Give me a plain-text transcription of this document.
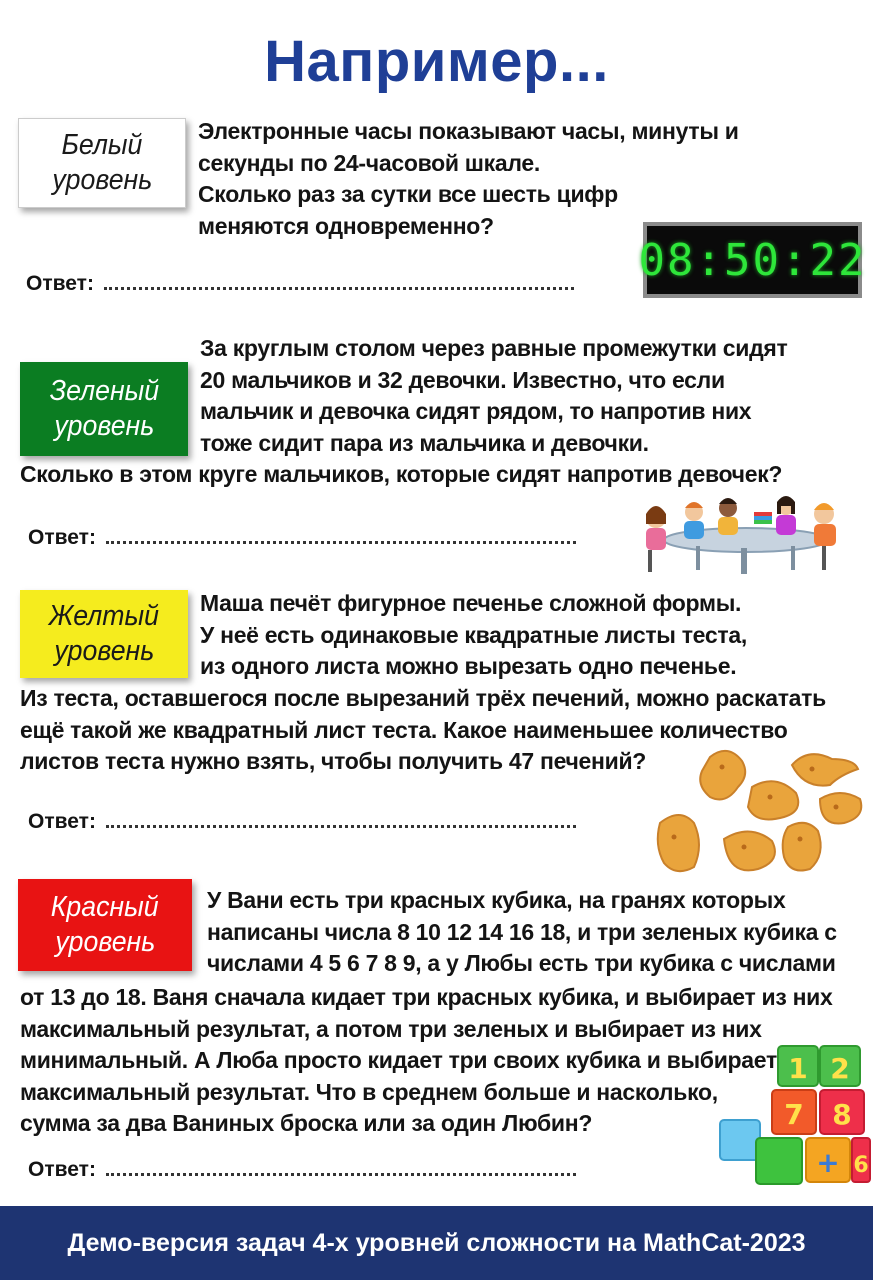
Например...
Белый
уровень
Электронные часы показывают часы, минуты и
секунды по 24-часовой шкале.
Сколько раз за сутки все шесть цифр
меняются одновременно?
Ответ:	08:50:22
Зеленый
уровень
За круглым столом через равные промежутки сидят
20 мальчиков и 32 девочки. Известно, что если
мальчик и девочка сидят рядом, то напротив них
тоже сидит пара из мальчика и девочки.
Сколько в этом круге мальчиков, которые сидят напротив девочек?
Ответ:
Желтый
уровень
Маша печёт фигурное печенье сложной формы.
У неё есть одинаковые квадратные листы теста,
из одного листа можно вырезать одно печенье.
Из теста, оставшегося после вырезаний трёх печений, можно раскатать
ещё такой же квадратный лист теста. Какое наименьшее количество
листов теста нужно взять, чтобы получить 47 печений?
Ответ:
Красный
уровень
У Вани есть три красных кубика, на гранях которых
написаны числа 8 10 12 14 16 18, и три зеленых кубика с
числами 4 5 6 7 8 9, а у Любы есть три кубика с числами
от 13 до 18. Ваня сначала кидает три красных кубика, и выбирает из них
максимальный результат, а потом три зеленых и выбирает из них
минимальный. А Люба просто кидает три своих кубика и выбирает
максимальный результат. Что в среднем больше и насколько,
сумма за два Ваниных броска или за один Любин?
Ответ:
1 2
7 8
+ 6
Демо-версия задач 4-х уровней сложности на MathCat-2023
